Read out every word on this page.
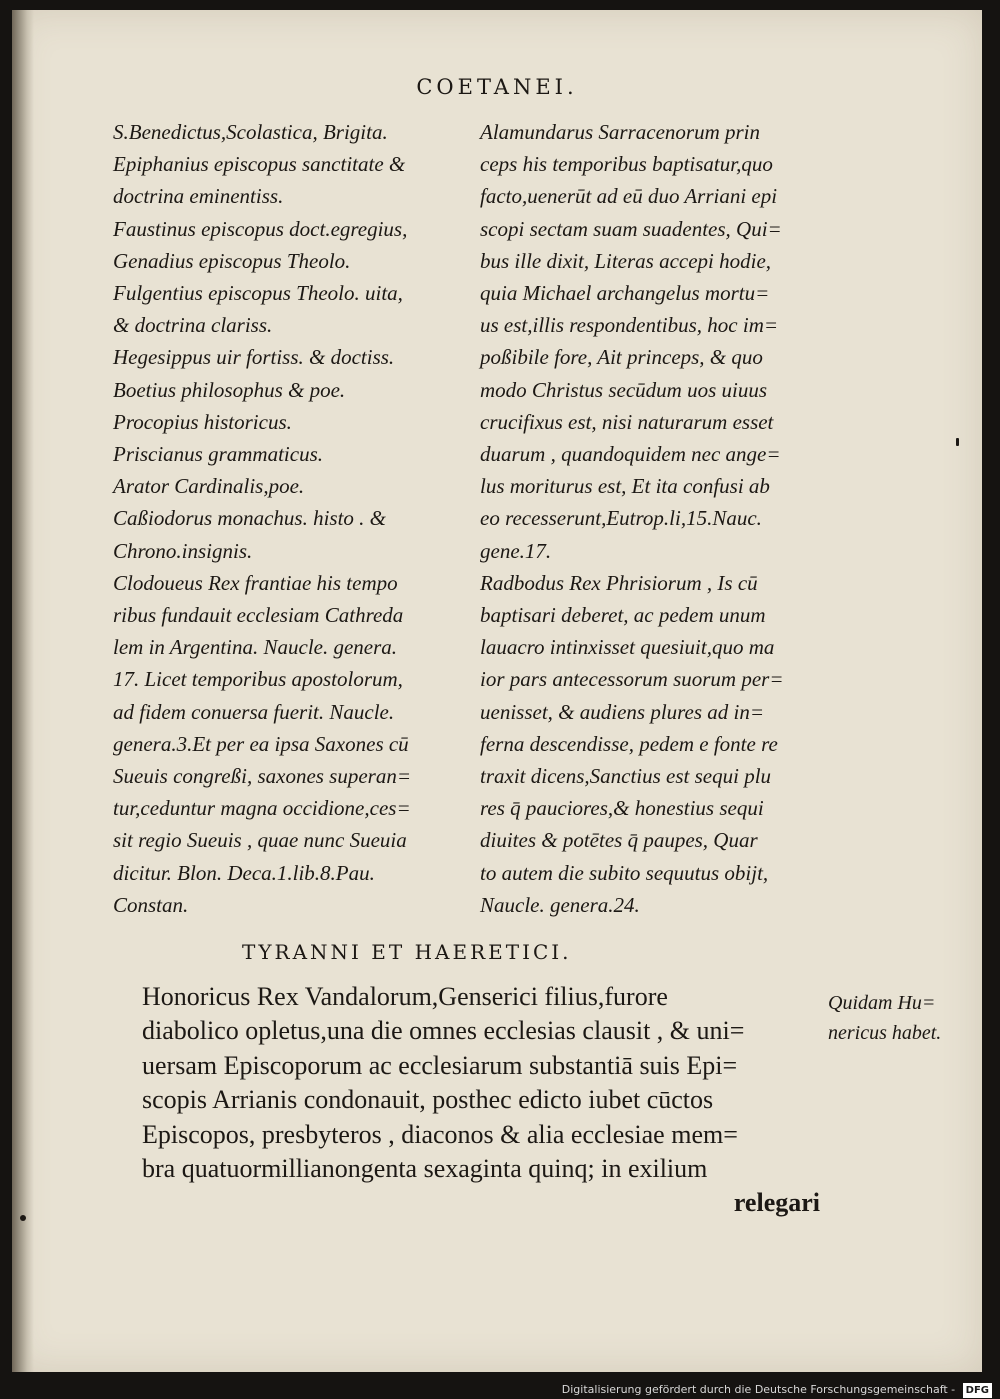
COETANEI.
S.Benedictus,Scolastica, Brigita.
Epiphanius episcopus sanctitate &
doctrina eminentiss.
Faustinus episcopus doct.egregius,
Genadius episcopus Theolo.
Fulgentius episcopus Theolo. uita,
& doctrina clariss.
Hegesippus uir fortiss. & doctiss.
Boetius philosophus & poe.
Procopius historicus.
Priscianus grammaticus.
Arator Cardinalis,poe.
Caßiodorus monachus. histo . &
Chrono.insignis.
Clodoueus Rex frantiae his tempo
ribus fundauit ecclesiam Cathreda
lem in Argentina. Naucle. genera.
17. Licet temporibus apostolorum,
ad fidem conuersa fuerit. Naucle.
genera.3.Et per ea ipsa Saxones cū
Sueuis congreßi, saxones superan=
tur,ceduntur magna occidione,ces=
sit regio Sueuis , quae nunc Sueuia
dicitur. Blon. Deca.1.lib.8.Pau.
Constan.
Alamundarus Sarracenorum prin
ceps his temporibus baptisatur,quo
facto,uenerūt ad eū duo Arriani epi
scopi sectam suam suadentes, Qui=
bus ille dixit, Literas accepi hodie,
quia Michael archangelus mortu=
us est,illis respondentibus, hoc im=
poßibile fore, Ait princeps, & quo
modo Christus secūdum uos uiuus
crucifixus est, nisi naturarum esset
duarum , quandoquidem nec ange=
lus moriturus est, Et ita confusi ab
eo recesserunt,Eutrop.li,15.Nauc.
gene.17.
Radbodus Rex Phrisiorum , Is cū
baptisari deberet, ac pedem unum
lauacro intinxisset quesiuit,quo ma
ior pars antecessorum suorum per=
uenisset, & audiens plures ad in=
ferna descendisse, pedem e fonte re
traxit dicens,Sanctius est sequi plu
res q̄ pauciores,& honestius sequi
diuites & potētes q̄ paupes, Quar
to autem die subito sequutus obijt,
Naucle. genera.24.
TYRANNI ET HAERETICI.
Honoricus Rex Vandalorum,Genserici filius,furore
diabolico opletus,una die omnes ecclesias clausit , & uni=
uersam Episcoporum ac ecclesiarum substantiā suis Epi=
scopis Arrianis condonauit, posthec edicto iubet cūctos
Episcopos, presbyteros , diaconos & alia ecclesiae mem=
bra quatuormillianongenta sexaginta quinq; in exilium
relegari
Quidam Hu=
nericus habet.
Digitalisierung gefördert durch die Deutsche Forschungsgemeinschaft - DFG
